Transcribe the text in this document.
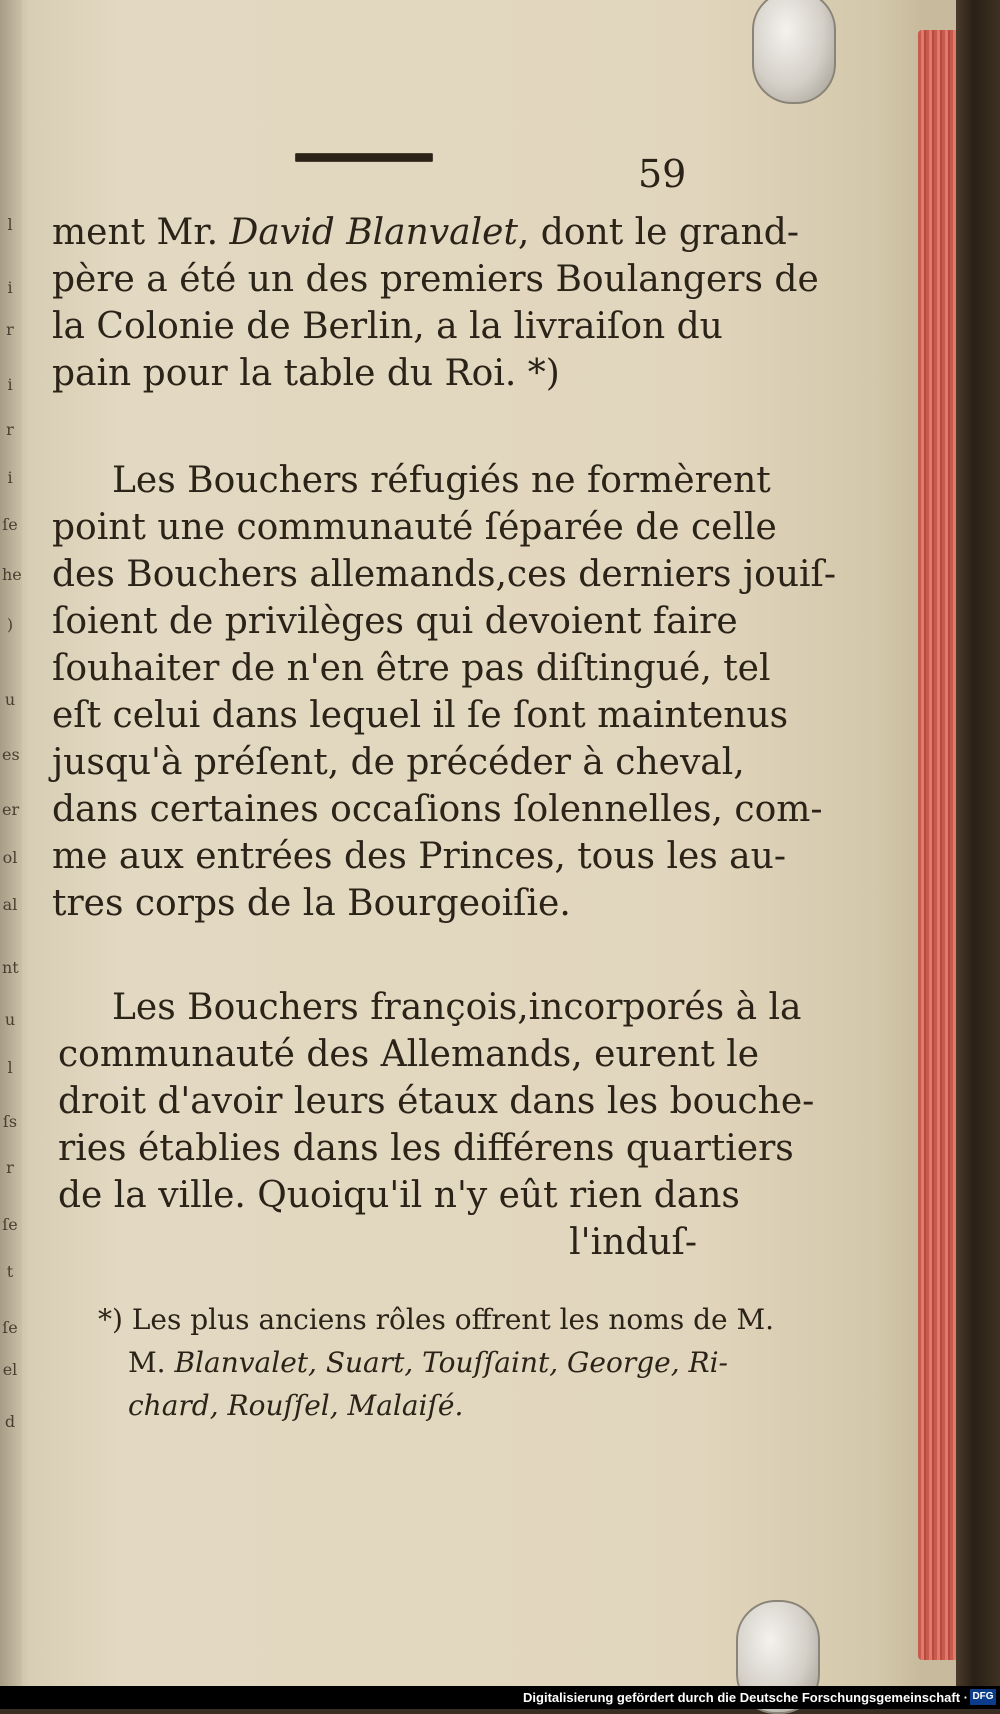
l
i
r
i
r
i
ſe
he
)
u
es
er
ol
al
nt
u
l
ſs
r
ſe
t
ſe
el
d
59
ment Mr. David Blanvalet, dont le grand-
père a été un des premiers Boulangers de
la Colonie de Berlin, a la livraiſon du
pain pour la table du Roi. *)
Les Bouchers réfugiés ne formèrent
point une communauté ſéparée de celle
des Bouchers allemands,ces derniers jouiſ-
ſoient de privilèges qui devoient faire
ſouhaiter de n'en être pas diſtingué, tel
eſt celui dans lequel il ſe ſont maintenus
jusqu'à préſent, de précéder à cheval,
dans certaines occaſions ſolennelles, com-
me aux entrées des Princes, tous les au-
tres corps de la Bourgeoiſie.
Les Bouchers françois,incorporés à la
communauté des Allemands, eurent le
droit d'avoir leurs étaux dans les bouche-
ries établies dans les différens quartiers
de la ville. Quoiqu'il n'y eût rien dans
l'induſ-
*) Les plus anciens rôles offrent les noms de M.
M. Blanvalet, Suart, Touſſaint, George, Ri-
chard, Rouſſel, Malaiſé.
Digitalisierung gefördert durch die Deutsche Forschungsgemeinschaft · DFG
